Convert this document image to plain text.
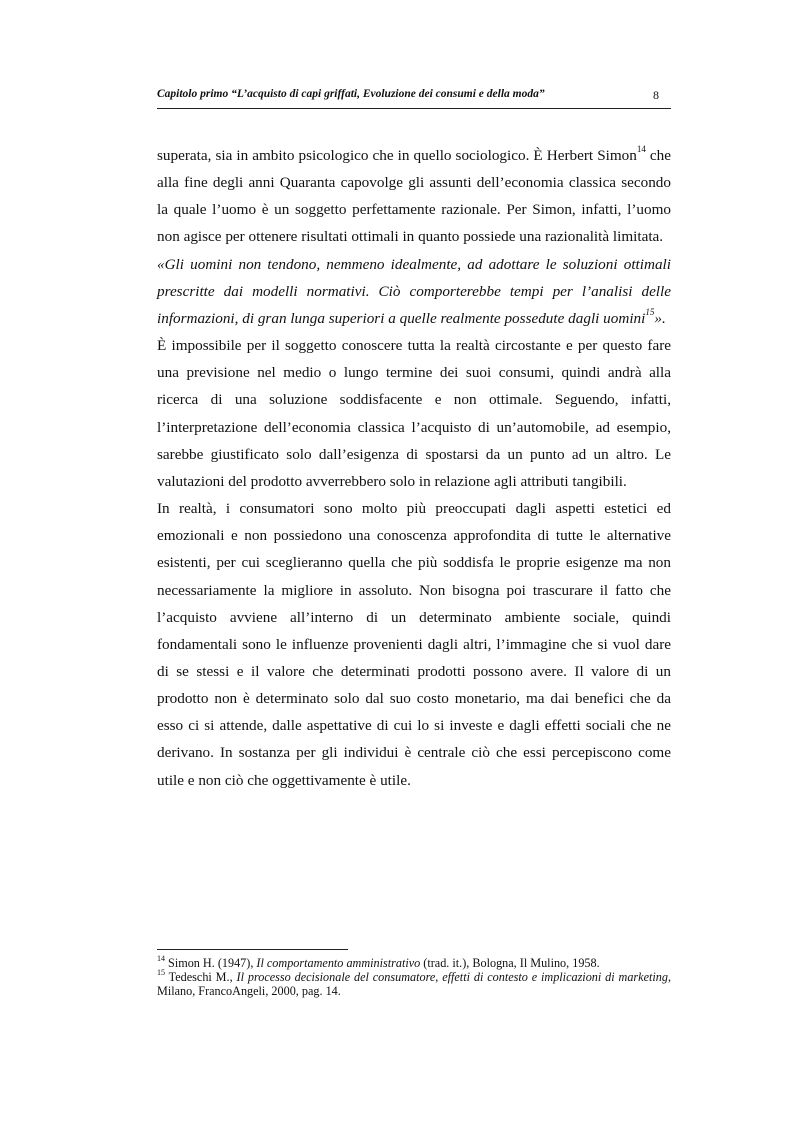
Capitolo primo “L’acquisto di capi griffati, Evoluzione dei consumi e della moda”	8

superata, sia in ambito psicologico che in quello sociologico. È Herbert Simon$^{14}$ che alla fine degli anni Quaranta capovolge gli assunti dell’economia classica secondo la quale l’uomo è un soggetto perfettamente razionale. Per Simon, infatti, l’uomo non agisce per ottenere risultati ottimali in quanto possiede una razionalità limitata.

«Gli uomini non tendono, nemmeno idealmente, ad adottare le soluzioni ottimali prescritte dai modelli normativi. Ciò comporterebbe tempi per l’analisi delle informazioni, di gran lunga superiori a quelle realmente possedute dagli uomini$^{15}$».

È impossibile per il soggetto conoscere tutta la realtà circostante e per questo fare una previsione nel medio o lungo termine dei suoi consumi, quindi andrà alla ricerca di una soluzione soddisfacente e non ottimale. Seguendo, infatti, l’interpretazione dell’economia classica l’acquisto di un’automobile, ad esempio, sarebbe giustificato solo dall’esigenza di spostarsi da un punto ad un altro. Le valutazioni del prodotto avverrebbero solo in relazione agli attributi tangibili.

In realtà, i consumatori sono molto più preoccupati dagli aspetti estetici ed emozionali e non possiedono una conoscenza approfondita di tutte le alternative esistenti, per cui sceglieranno quella che più soddisfa le proprie esigenze ma non necessariamente la migliore in assoluto. Non bisogna poi trascurare il fatto che l’acquisto avviene all’interno di un determinato ambiente sociale, quindi fondamentali sono le influenze provenienti dagli altri, l’immagine che si vuol dare di se stessi e il valore che determinati prodotti possono avere. Il valore di un prodotto non è determinato solo dal suo costo monetario, ma dai benefici che da esso ci si attende, dalle aspettative di cui lo si investe e dagli effetti sociali che ne derivano. In sostanza per gli individui è centrale ciò che essi percepiscono come utile e non ciò che oggettivamente è utile.

$^{14}$ Simon H. (1947), Il comportamento amministrativo (trad. it.), Bologna, Il Mulino, 1958.

$^{15}$ Tedeschi M., Il processo decisionale del consumatore, effetti di contesto e implicazioni di marketing, Milano, FrancoAngeli, 2000, pag. 14.
